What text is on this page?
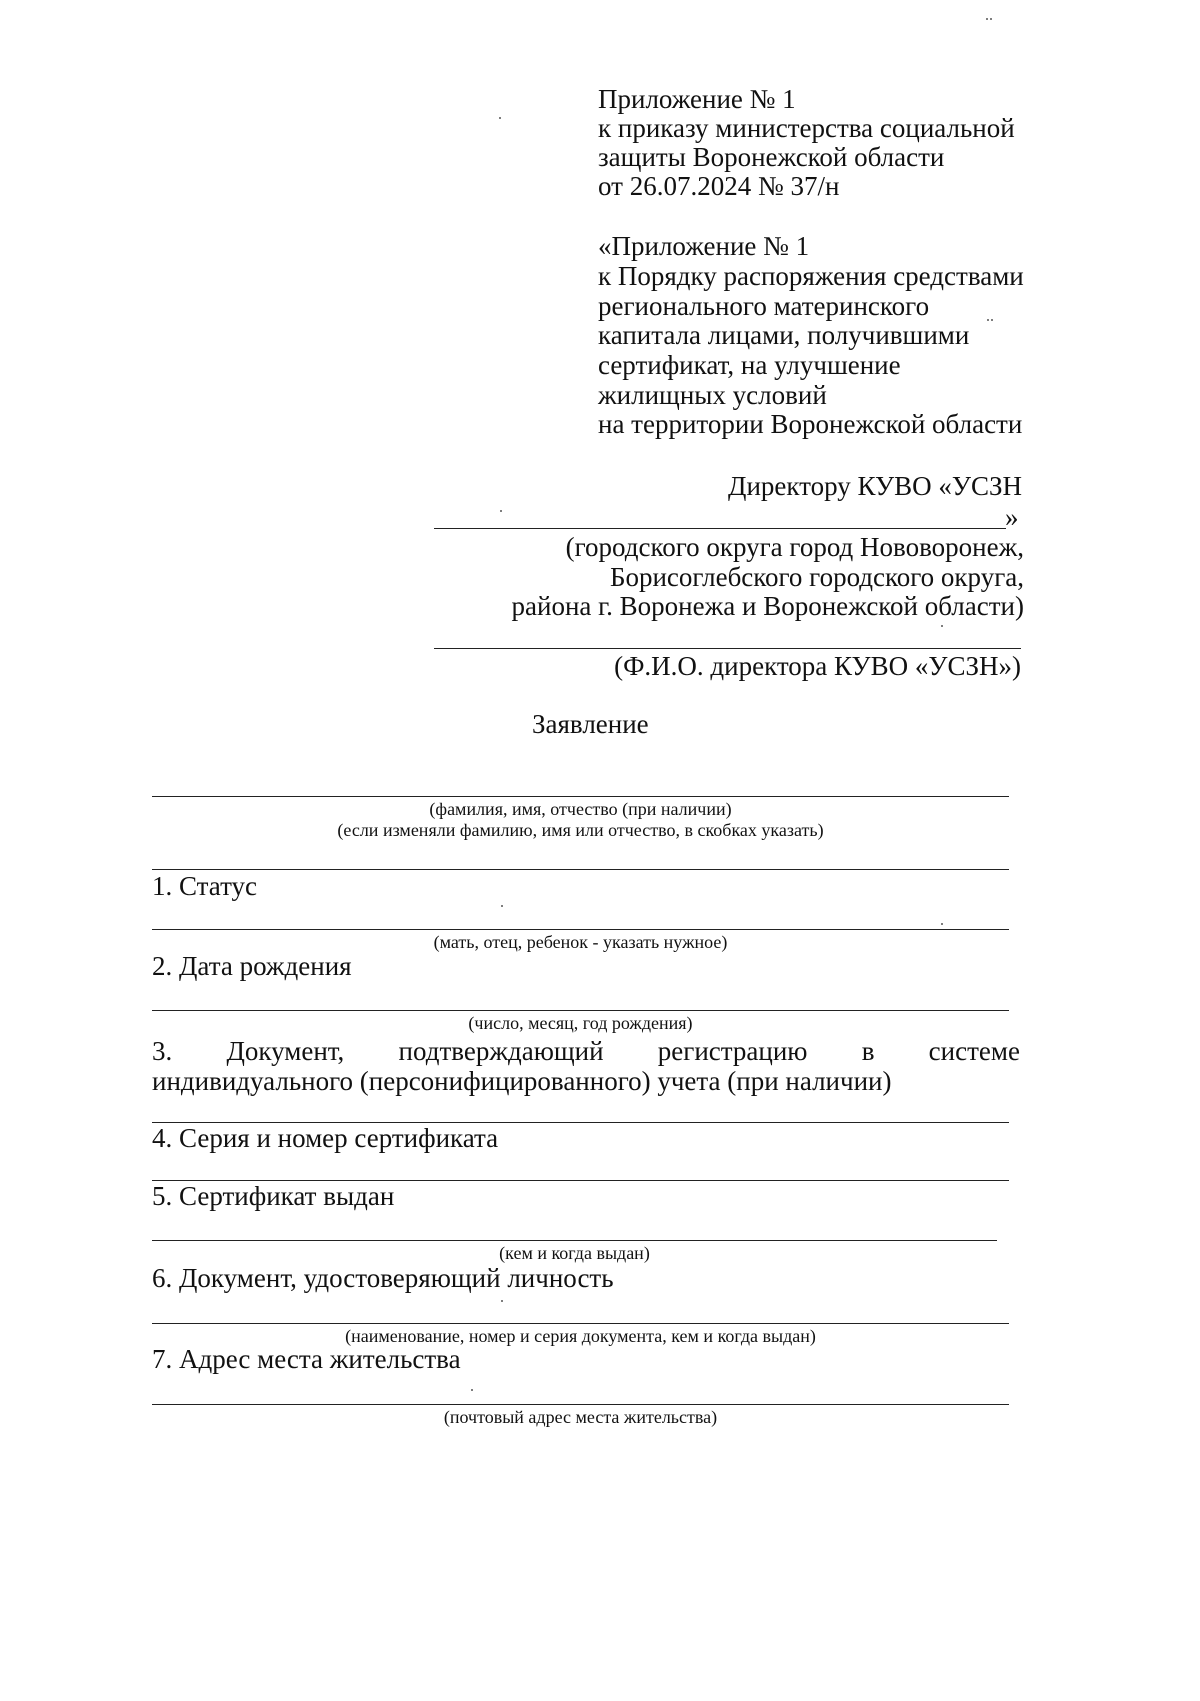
Приложение № 1
к приказу министерства социальной
защиты Воронежской области
от 26.07.2024 № 37/н
«Приложение № 1
к Порядку распоряжения средствами
регионального материнского
капитала лицами, получившими
сертификат, на улучшение
жилищных условий
на территории Воронежской области
Директору КУВО «УСЗН
»
(городского округа город Нововоронеж,
Борисоглебского городского округа,
района г. Воронежа и Воронежской области)
(Ф.И.О. директора КУВО «УСЗН»)
Заявление
(фамилия, имя, отчество (при наличии)
(если изменяли фамилию, имя или отчество, в скобках указать)
1. Статус
(мать, отец, ребенок - указать нужное)
2. Дата рождения
(число, месяц, год рождения)
3. Документ, подтверждающий регистрацию в системе
индивидуального (персонифицированного) учета (при наличии)
4. Серия и номер сертификата
5. Сертификат выдан
(кем и когда выдан)
6. Документ, удостоверяющий личность
(наименование, номер и серия документа, кем и когда выдан)
7. Адрес места жительства
(почтовый адрес места жительства)
